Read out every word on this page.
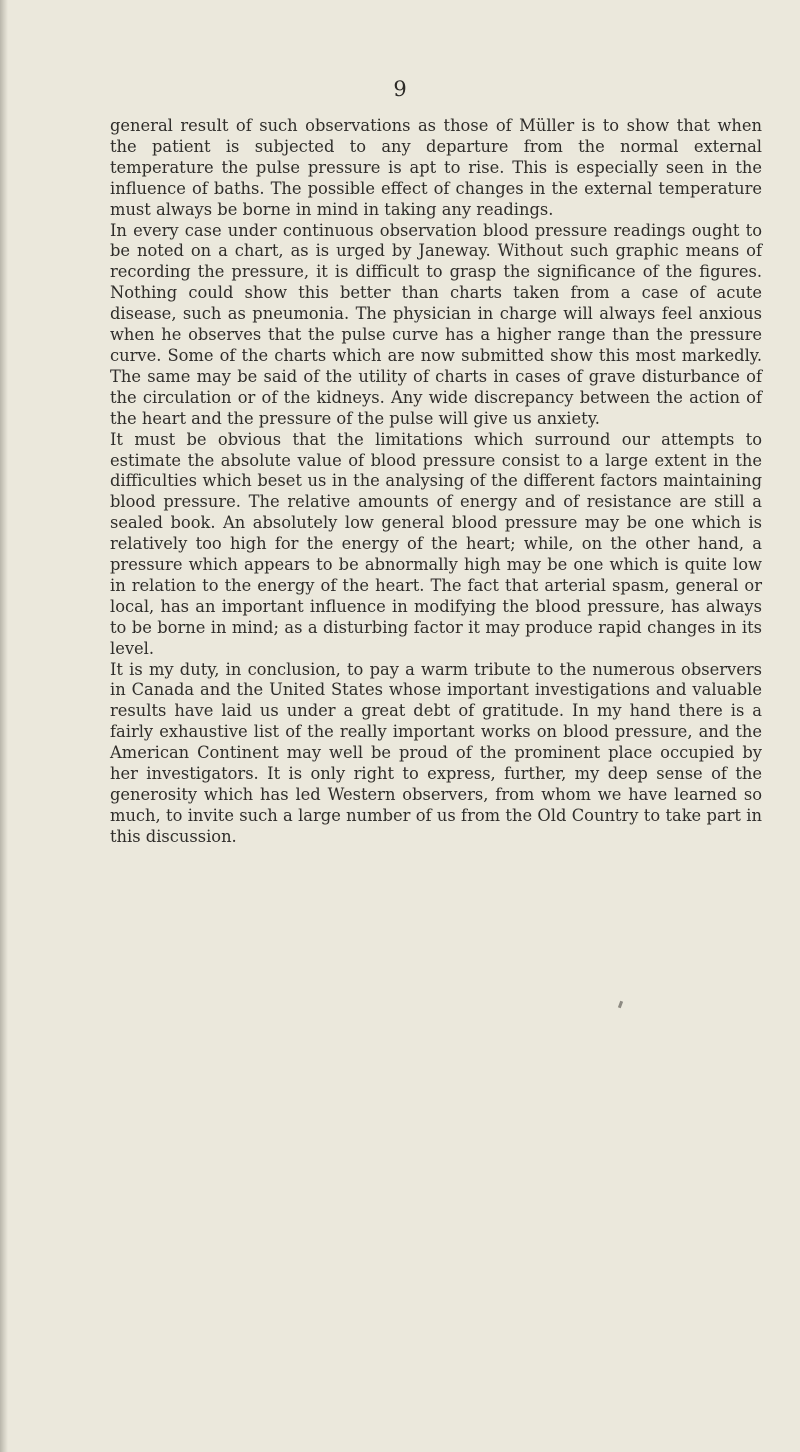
9

general result of such observations as those of Müller is to show that when the patient is subjected to any departure from the normal external temperature the pulse pressure is apt to rise. This is especially seen in the influence of baths. The possible effect of changes in the external temperature must always be borne in mind in taking any readings.

In every case under continuous observation blood pressure readings ought to be noted on a chart, as is urged by Janeway. Without such graphic means of recording the pressure, it is difficult to grasp the significance of the figures. Nothing could show this better than charts taken from a case of acute disease, such as pneumonia. The physician in charge will always feel anxious when he observes that the pulse curve has a higher range than the pressure curve. Some of the charts which are now submitted show this most markedly. The same may be said of the utility of charts in cases of grave disturbance of the circulation or of the kidneys. Any wide discrepancy between the action of the heart and the pressure of the pulse will give us anxiety.

It must be obvious that the limitations which surround our attempts to estimate the absolute value of blood pressure consist to a large extent in the difficulties which beset us in the analysing of the different factors maintaining blood pressure. The relative amounts of energy and of resistance are still a sealed book. An absolutely low general blood pressure may be one which is relatively too high for the energy of the heart; while, on the other hand, a pressure which appears to be abnormally high may be one which is quite low in relation to the energy of the heart. The fact that arterial spasm, general or local, has an important influence in modifying the blood pressure, has always to be borne in mind; as a disturbing factor it may produce rapid changes in its level.

It is my duty, in conclusion, to pay a warm tribute to the numerous observers in Canada and the United States whose important investigations and valuable results have laid us under a great debt of gratitude. In my hand there is a fairly exhaustive list of the really important works on blood pressure, and the American Continent may well be proud of the prominent place occupied by her investigators. It is only right to express, further, my deep sense of the generosity which has led Western observers, from whom we have learned so much, to invite such a large number of us from the Old Country to take part in this discussion.
